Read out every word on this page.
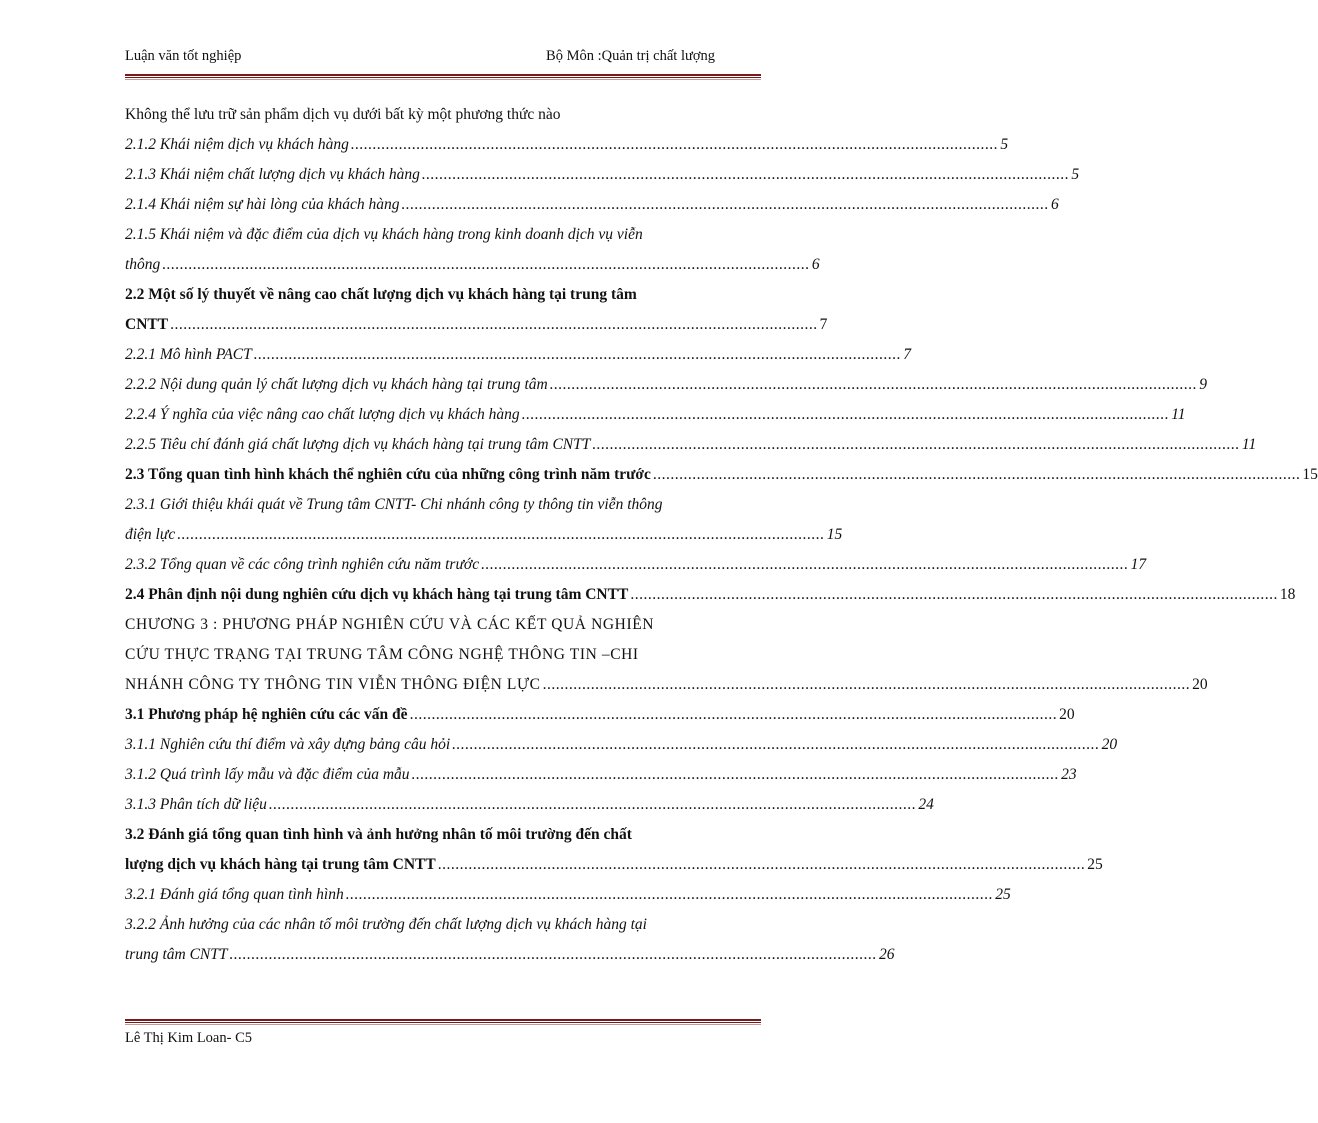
Luận văn tốt nghiệp	Bộ Môn :Quản trị chất lượng
Không thể lưu trữ sản phẩm dịch vụ dưới bất kỳ một phương thức nào
2.1.2 Khái niệm dịch vụ khách hàng .................................................................................................................................................... 5
2.1.3 Khái niệm chất lượng dịch vụ khách hàng .................................................................................................................................................... 5
2.1.4 Khái niệm sự hài lòng của khách hàng .................................................................................................................................................... 6
2.1.5 Khái niệm và đặc điểm của dịch vụ khách hàng trong kinh doanh dịch vụ viễn
thông .................................................................................................................................................... 6
2.2 Một số lý thuyết về nâng cao chất lượng dịch vụ khách hàng tại trung tâm
CNTT .................................................................................................................................................... 7
2.2.1 Mô hình PACT .................................................................................................................................................... 7
2.2.2 Nội dung quản lý chất lượng dịch vụ khách hàng tại trung tâm .................................................................................................................................................... 9
2.2.4 Ý nghĩa của việc nâng cao chất lượng dịch vụ khách hàng .................................................................................................................................................... 11
2.2.5 Tiêu chí đánh giá chất lượng dịch vụ khách hàng tại trung tâm CNTT .................................................................................................................................................... 11
2.3 Tổng quan tình hình khách thể nghiên cứu của những công trình năm trước .................................................................................................................................................... 15
2.3.1 Giới thiệu khái quát về Trung tâm CNTT- Chi nhánh công ty thông tin viễn thông
điện lực .................................................................................................................................................... 15
2.3.2 Tổng quan về các công trình nghiên cứu năm trước .................................................................................................................................................... 17
2.4 Phân định nội dung nghiên cứu dịch vụ khách hàng tại trung tâm CNTT .................................................................................................................................................... 18
CHƯƠNG 3 : PHƯƠNG PHÁP NGHIÊN CỨU VÀ CÁC KẾT QUẢ NGHIÊN
CỨU THỰC TRẠNG TẠI TRUNG TÂM CÔNG NGHỆ THÔNG TIN –CHI
NHÁNH CÔNG TY THÔNG TIN VIỄN THÔNG ĐIỆN LỰC .................................................................................................................................................... 20
3.1 Phương pháp hệ nghiên cứu các vấn đề .................................................................................................................................................... 20
3.1.1 Nghiên cứu thí điểm và xây dựng bảng câu hỏi .................................................................................................................................................... 20
3.1.2 Quá trình lấy mẫu và đặc điểm của mẫu .................................................................................................................................................... 23
3.1.3 Phân tích dữ liệu .................................................................................................................................................... 24
3.2 Đánh giá tổng quan tình hình và ảnh hưởng nhân tố môi trường đến chất
lượng dịch vụ khách hàng tại trung tâm CNTT .................................................................................................................................................... 25
3.2.1 Đánh giá tổng quan tình hình .................................................................................................................................................... 25
3.2.2 Ảnh hưởng của các nhân tố môi trường đến chất lượng dịch vụ khách hàng tại
trung tâm CNTT .................................................................................................................................................... 26
Lê Thị Kim Loan- C5
